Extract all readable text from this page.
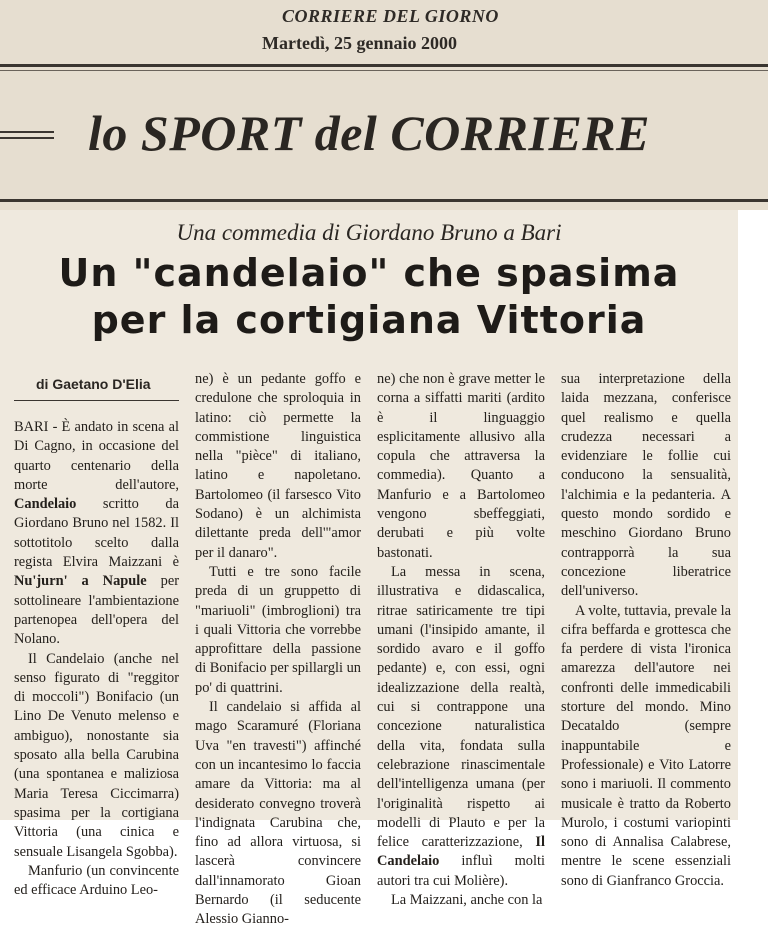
CORRIERE DEL GIORNO
Martedì, 25 gennaio 2000
lo SPORT del CORRIERE
Una commedia di Giordano Bruno a Bari
Un "candelaio" che spasima
per la cortigiana Vittoria
di Gaetano D'Elia

BARI - È andato in scena al Di Cagno, in occasione del quarto centenario della morte dell'autore, Candelaio scritto da Giordano Bruno nel 1582. Il sottotitolo scelto dalla regista Elvira Maizzani è Nu'jurn' a Napule per sottolineare l'ambientazione partenopea dell'opera del Nolano.

Il Candelaio (anche nel senso figurato di "reggitor di moccoli") Bonifacio (un Lino De Venuto melenso e ambiguo), nonostante sia sposato alla bella Carubina (una spontanea e maliziosa Maria Teresa Ciccimarra) spasima per la cortigiana Vittoria (una cinica e sensuale Lisangela Sgobba).

Manfurio (un convincente ed efficace Arduino Leo-

ne) è un pedante goffo e credulone che sproloquia in latino: ciò permette la commistione linguistica nella "pièce" di italiano, latino e napoletano. Bartolomeo (il farsesco Vito Sodano) è un alchimista dilettante preda dell'"amor per il danaro".

Tutti e tre sono facile preda di un gruppetto di "mariuoli" (imbroglioni) tra i quali Vittoria che vorrebbe approfittare della passione di Bonifacio per spillargli un po' di quattrini.

Il candelaio si affida al mago Scaramuré (Floriana Uva "en travesti") affinché con un incantesimo lo faccia amare da Vittoria: ma al desiderato convegno troverà l'indignata Carubina che, fino ad allora virtuosa, si lascerà convincere dall'innamorato Gioan Bernardo (il seducente Alessio Gianno-

ne) che non è grave metter le corna a siffatti mariti (ardito è il linguaggio esplicitamente allusivo alla copula che attraversa la commedia). Quanto a Manfurio e a Bartolomeo vengono sbeffeggiati, derubati e più volte bastonati.

La messa in scena, illustrativa e didascalica, ritrae satiricamente tre tipi umani (l'insipido amante, il sordido avaro e il goffo pedante) e, con essi, ogni idealizzazione della realtà, cui si contrappone una concezione naturalistica della vita, fondata sulla celebrazione rinascimentale dell'intelligenza umana (per l'originalità rispetto ai modelli di Plauto e per la felice caratterizzazione, Il Candelaio influì molti autori tra cui Molière).

La Maizzani, anche con la

sua interpretazione della laida mezzana, conferisce quel realismo e quella crudezza necessari a evidenziare le follie cui conducono la sensualità, l'alchimia e la pedanteria. A questo mondo sordido e meschino Giordano Bruno contrapporrà la sua concezione liberatrice dell'universo.

A volte, tuttavia, prevale la cifra beffarda e grottesca che fa perdere di vista l'ironica amarezza dell'autore nei confronti delle immedicabili storture del mondo. Mino Decataldo (sempre inappuntabile e Professionale) e Vito Latorre sono i mariuoli. Il commento musicale è tratto da Roberto Murolo, i costumi variopinti sono di Annalisa Calabrese, mentre le scene essenziali sono di Gianfranco Groccia.
